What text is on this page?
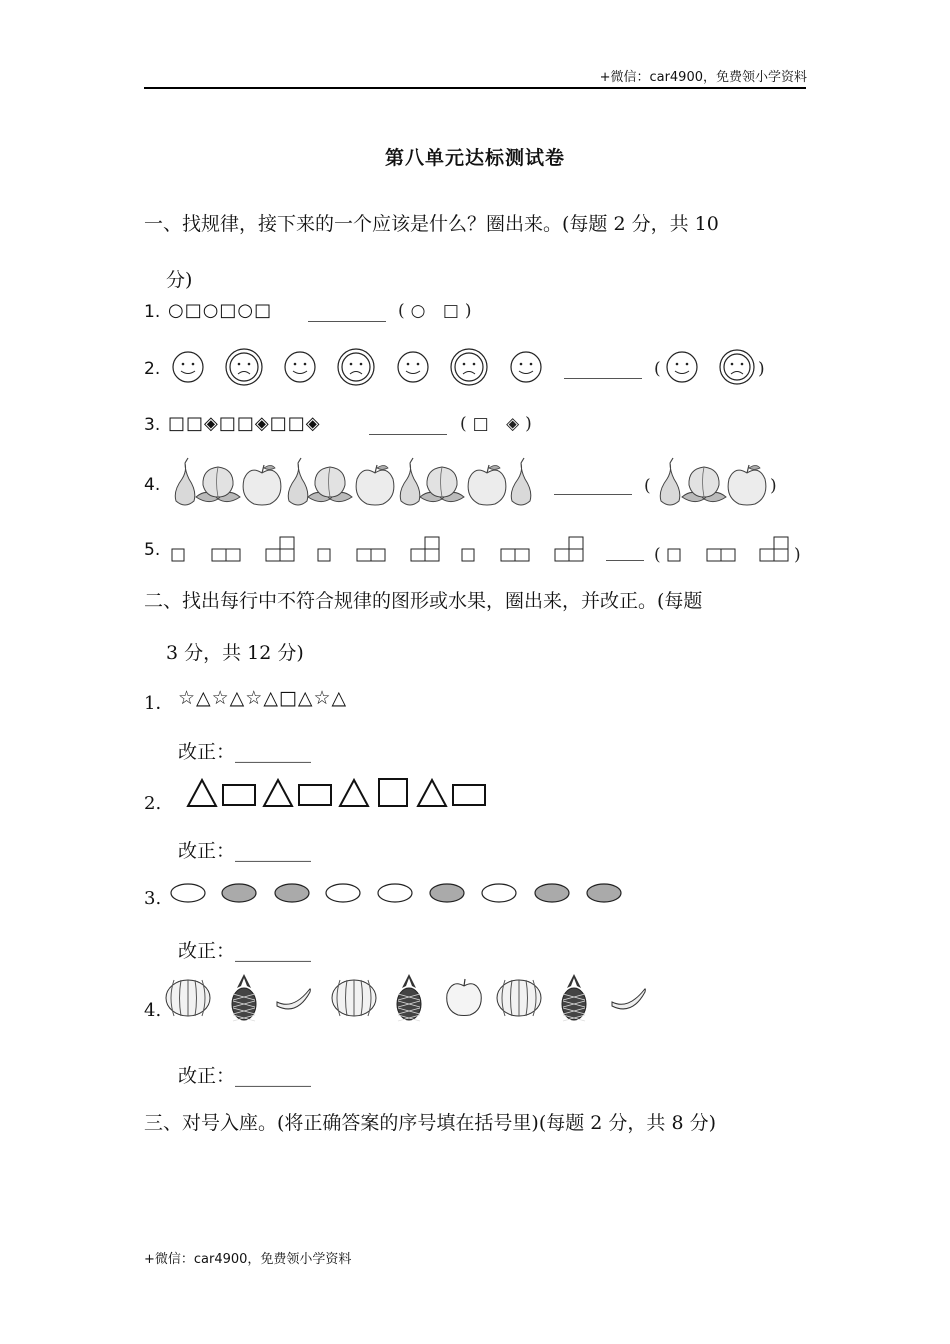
+微信：car4900，免费领小学资料
第八单元达标测试卷
一、找规律，接下来的一个应该是什么？圈出来。(每题 2 分，共 10
分)
1. ○□○□○□	(○ □)
2.	(	)
3. □□◈□□◈□□◈	(□ ◈)
4.	(	)
5.	(	)
二、找出每行中不符合规律的图形或水果，圈出来，并改正。(每题
3 分，共 12 分)
1． ☆△☆△☆△□△☆△
改正：________
2.
改正：________
3.
改正：________
4.
改正：________
三、对号入座。(将正确答案的序号填在括号里)(每题 2 分，共 8 分)
+微信：car4900，免费领小学资料
